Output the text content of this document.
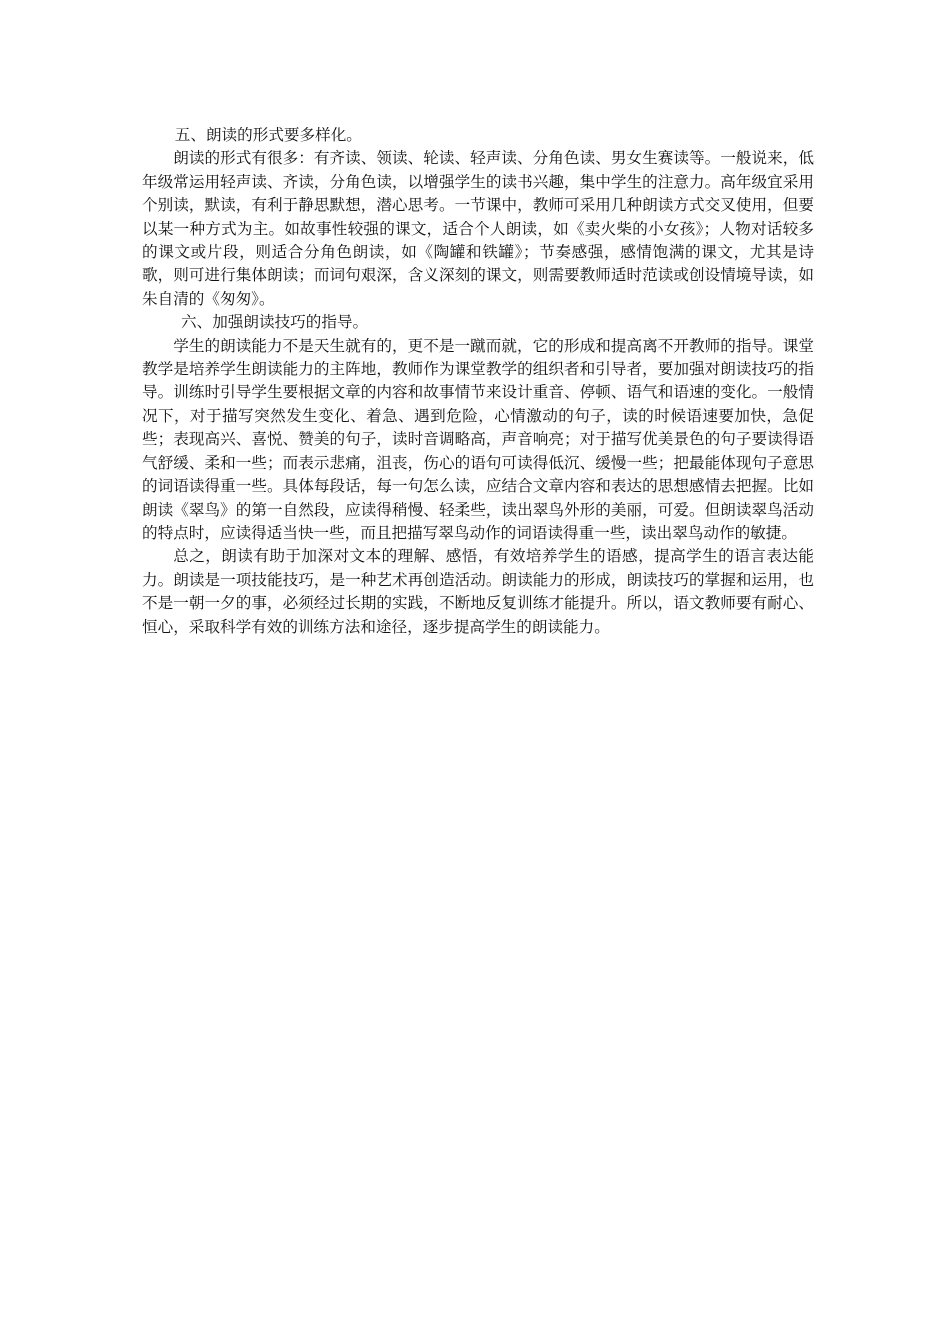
五、朗读的形式要多样化。

朗读的形式有很多：有齐读、领读、轮读、轻声读、分角色读、男女生赛读等。一般说来，低年级常运用轻声读、齐读，分角色读，以增强学生的读书兴趣，集中学生的注意力。高年级宜采用个别读，默读，有利于静思默想，潜心思考。一节课中，教师可采用几种朗读方式交叉使用，但要以某一种方式为主。如故事性较强的课文，适合个人朗读，如《卖火柴的小女孩》；人物对话较多的课文或片段，则适合分角色朗读，如《陶罐和铁罐》；节奏感强，感情饱满的课文，尤其是诗歌，则可进行集体朗读；而词句艰深，含义深刻的课文，则需要教师适时范读或创设情境导读，如朱自清的《匆匆》。

六、加强朗读技巧的指导。

学生的朗读能力不是天生就有的，更不是一蹴而就，它的形成和提高离不开教师的指导。课堂教学是培养学生朗读能力的主阵地，教师作为课堂教学的组织者和引导者，要加强对朗读技巧的指导。训练时引导学生要根据文章的内容和故事情节来设计重音、停顿、语气和语速的变化。一般情况下，对于描写突然发生变化、着急、遇到危险，心情激动的句子，读的时候语速要加快，急促些；表现高兴、喜悦、赞美的句子，读时音调略高，声音响亮；对于描写优美景色的句子要读得语气舒缓、柔和一些；而表示悲痛，沮丧，伤心的语句可读得低沉、缓慢一些；把最能体现句子意思的词语读得重一些。具体每段话，每一句怎么读，应结合文章内容和表达的思想感情去把握。比如朗读《翠鸟》的第一自然段，应读得稍慢、轻柔些，读出翠鸟外形的美丽，可爱。但朗读翠鸟活动的特点时，应读得适当快一些，而且把描写翠鸟动作的词语读得重一些，读出翠鸟动作的敏捷。

总之，朗读有助于加深对文本的理解、感悟，有效培养学生的语感，提高学生的语言表达能力。朗读是一项技能技巧，是一种艺术再创造活动。朗读能力的形成，朗读技巧的掌握和运用，也不是一朝一夕的事，必须经过长期的实践，不断地反复训练才能提升。所以，语文教师要有耐心、恒心，采取科学有效的训练方法和途径，逐步提高学生的朗读能力。
